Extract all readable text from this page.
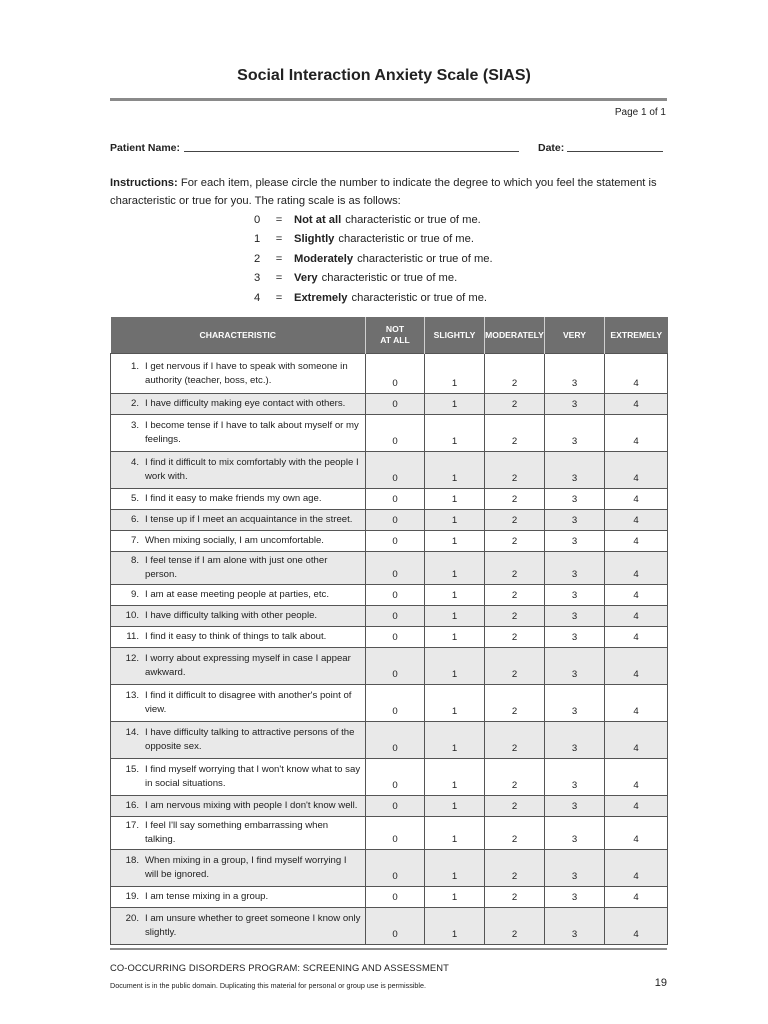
Social Interaction Anxiety Scale (SIAS)
Page 1 of 1
Patient Name:	Date:
Instructions: For each item, please circle the number to indicate the degree to which you feel the statement is characteristic or true for you. The rating scale is as follows:
0	=	Not at all characteristic or true of me.
1	=	Slightly characteristic or true of me.
2	=	Moderately characteristic or true of me.
3	=	Very characteristic or true of me.
4	=	Extremely characteristic or true of me.
CHARACTERISTIC	NOT
AT ALL	SLIGHTLY	MODERATELY	VERY	EXTREMELY

1. I get nervous if I have to speak with someone in authority (teacher, boss, etc.).	0	1	2	3	4

2. I have difficulty making eye contact with others.	0	1	2	3	4

3. I become tense if I have to talk about myself or my feelings.	0	1	2	3	4

4. I find it difficult to mix comfortably with the people I work with.	0	1	2	3	4

5. I find it easy to make friends my own age.	0	1	2	3	4

6. I tense up if I meet an acquaintance in the street.	0	1	2	3	4

7. When mixing socially, I am uncomfortable.	0	1	2	3	4

8. I feel tense if I am alone with just one other person.	0	1	2	3	4

9. I am at ease meeting people at parties, etc.	0	1	2	3	4

10. I have difficulty talking with other people.	0	1	2	3	4

11. I find it easy to think of things to talk about.	0	1	2	3	4

12. I worry about expressing myself in case I appear awkward.	0	1	2	3	4

13. I find it difficult to disagree with another's point of view.	0	1	2	3	4

14. I have difficulty talking to attractive persons of the opposite sex.	0	1	2	3	4

15. I find myself worrying that I won't know what to say in social situations.	0	1	2	3	4

16. I am nervous mixing with people I don't know well.	0	1	2	3	4

17. I feel I'll say something embarrassing when talking.	0	1	2	3	4

18. When mixing in a group, I find myself worrying I will be ignored.	0	1	2	3	4

19. I am tense mixing in a group.	0	1	2	3	4

20. I am unsure whether to greet someone I know only slightly.	0	1	2	3	4
CO-OCCURRING DISORDERS PROGRAM: SCREENING AND ASSESSMENT
Document is in the public domain. Duplicating this material for personal or group use is permissible.	19
